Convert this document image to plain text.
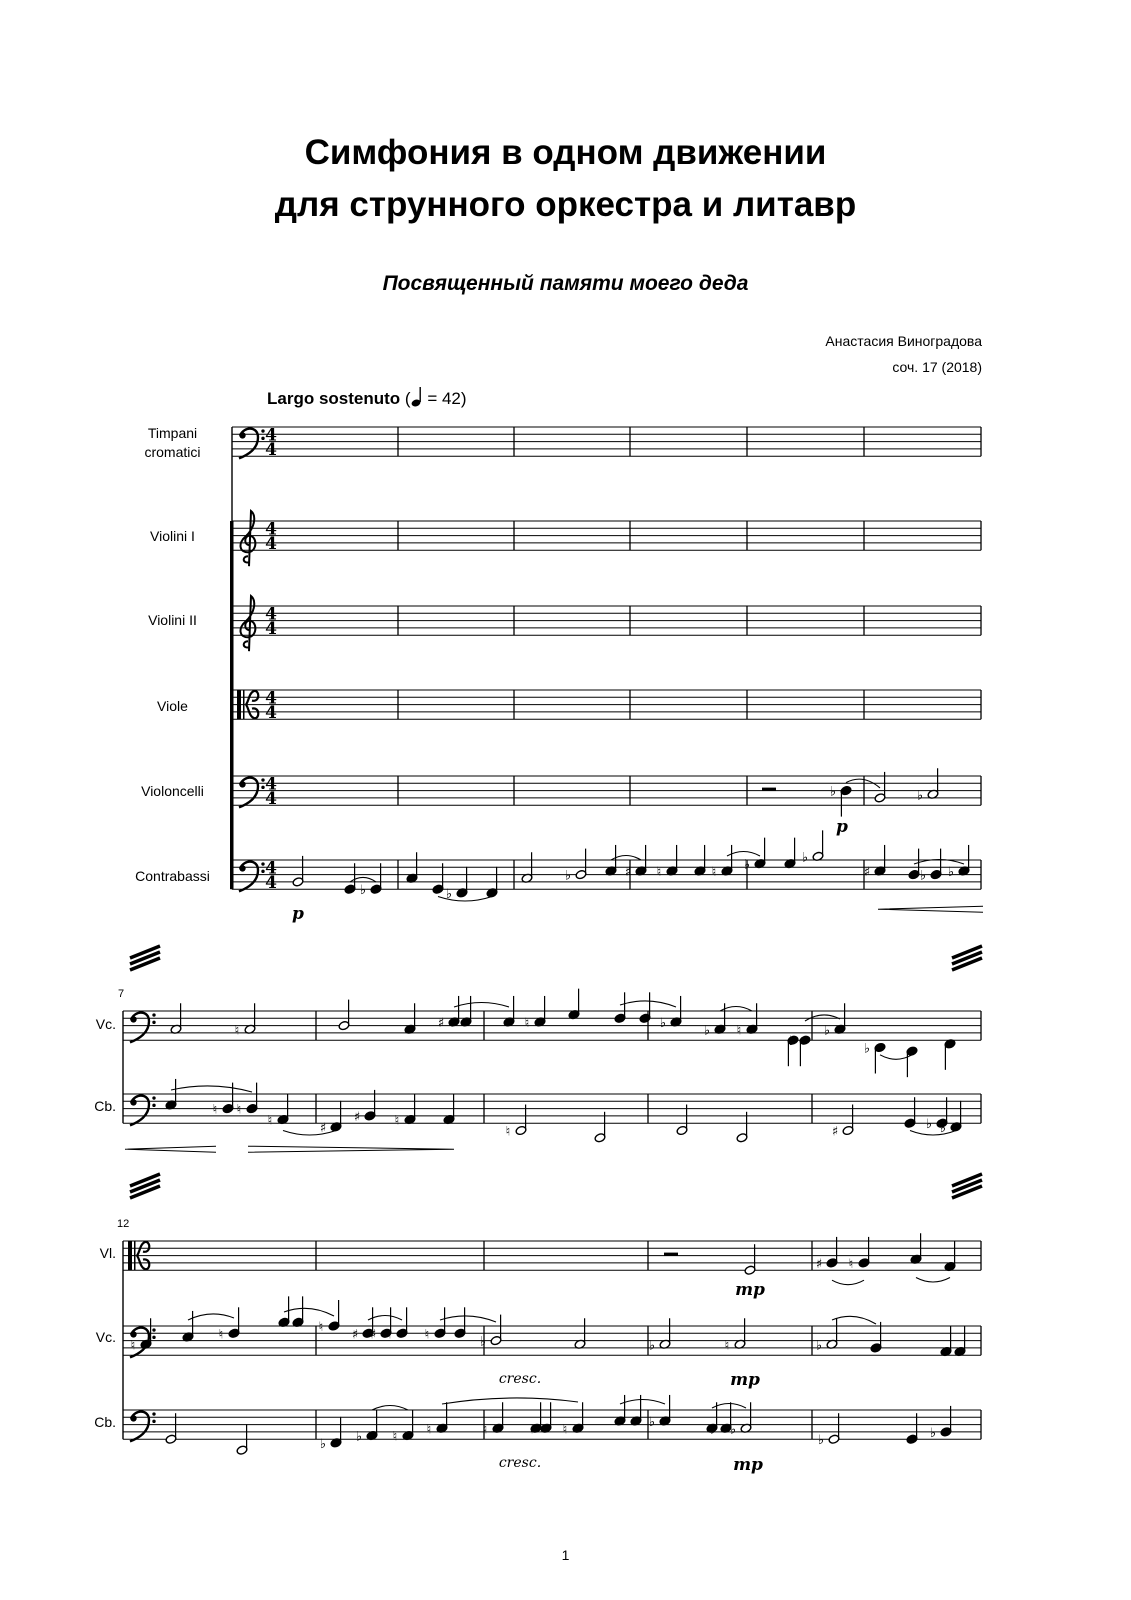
Симфония в одном движении
для струнного оркестра и литавр
Посвященный памяти моего деда
Анастасия Виноградова
соч. 17 (2018)
Largo sostenuto ( = 42)
Timpani
cromatici
Violini I
Violini II
Viole
Violoncelli
Contrabassi
7
Vc.
Cb.
12
Vl.
Vc.
Cb.
1
4
4
4
4
4
4
4
4
4
4
4
4
♭	♭
♭	♭
♭	♯ ♮	♮ ♭	♭
♯	♭ ♭
♮	♯ ♯	♮	♭	♭ ♮
♭
♭
♭
♮ ♮
♮	♯
♯	♮
♮	♯	♭ ♭
♯ ♮
♮
♮	♮ ♯ ♯ ♮	♮	♭	♭	♮	♭
♭ ♭ ♮ ♮	♮	♯ ♮	♭	♭ ♭
♭	♭
p
p
mp
cresc.	mp
cresc.	mp
